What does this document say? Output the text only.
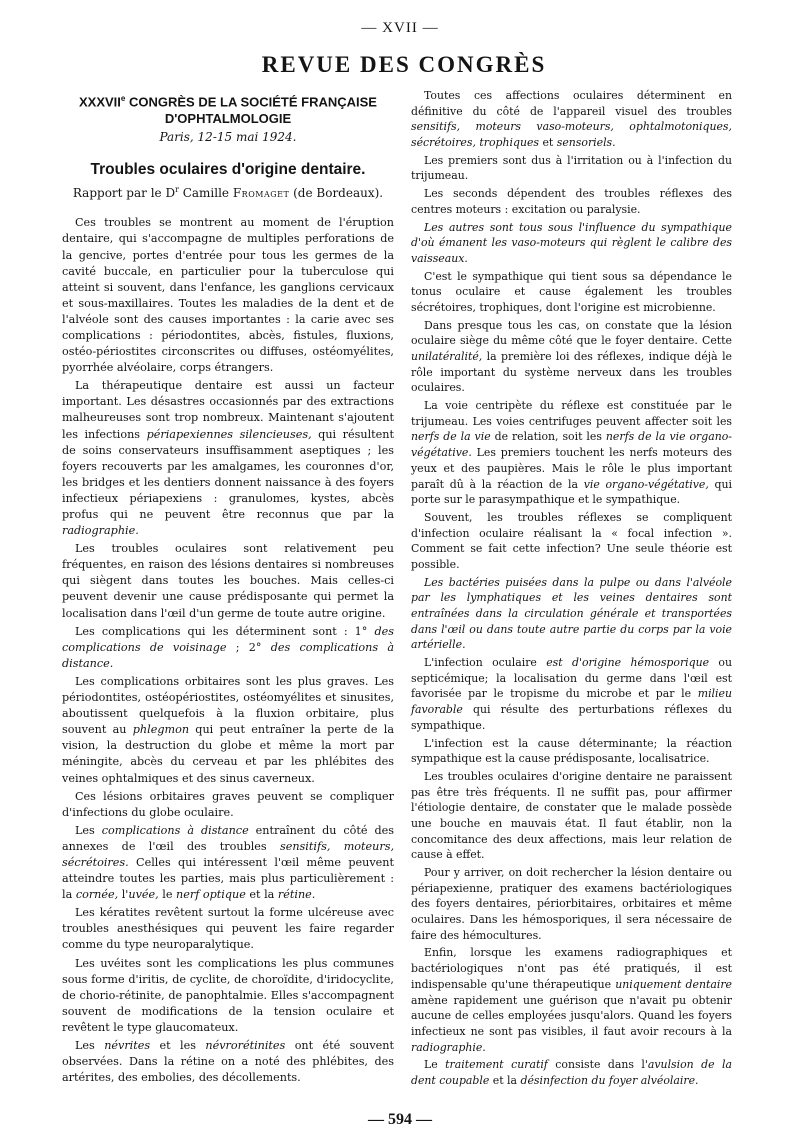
— XVII —
REVUE DES CONGRÈS
XXXVIIe CONGRÈS DE LA SOCIÉTÉ FRANÇAISE
D'OPHTALMOLOGIE
Paris, 12-15 mai 1924.
Troubles oculaires d'origine dentaire.
Rapport par le $D^r$ Camille Fromaget (de Bordeaux).

Ces troubles se montrent au moment de l'éruption dentaire, qui s'accompagne de multiples perforations de la gencive, portes d'entrée pour tous les germes de la cavité buccale, en particulier pour la tuberculose qui atteint si souvent, dans l'enfance, les ganglions cervicaux et sous-maxillaires. Toutes les maladies de la dent et de l'alvéole sont des causes importantes : la carie avec ses complications : périodontites, abcès, fistules, fluxions, ostéo-périostites circonscrites ou diffuses, ostéomyélites, pyorrhée alvéolaire, corps étrangers.

La thérapeutique dentaire est aussi un facteur important. Les désastres occasionnés par des extractions malheureuses sont trop nombreux. Maintenant s'ajoutent les infections périapexiennes silencieuses, qui résultent de soins conservateurs insuffisamment aseptiques ; les foyers recouverts par les amalgames, les couronnes d'or, les bridges et les dentiers donnent naissance à des foyers infectieux périapexiens : granulomes, kystes, abcès profus qui ne peuvent être reconnus que par la radiographie.

Les troubles oculaires sont relativement peu fréquentes, en raison des lésions dentaires si nombreuses qui siègent dans toutes les bouches. Mais celles-ci peuvent devenir une cause prédisposante qui permet la localisation dans l'œil d'un germe de toute autre origine.

Les complications qui les déterminent sont : 1° des complications de voisinage ; 2° des complications à distance.

Les complications orbitaires sont les plus graves. Les périodontites, ostéopériostites, ostéomyélites et sinusites, aboutissent quelquefois à la fluxion orbitaire, plus souvent au phlegmon qui peut entraîner la perte de la vision, la destruction du globe et même la mort par méningite, abcès du cerveau et par les phlébites des veines ophtalmiques et des sinus caverneux.

Ces lésions orbitaires graves peuvent se compliquer d'infections du globe oculaire.

Les complications à distance entraînent du côté des annexes de l'œil des troubles sensitifs, moteurs, sécrétoires. Celles qui intéressent l'œil même peuvent atteindre toutes les parties, mais plus particulièrement : la cornée, l'uvée, le nerf optique et la rétine.

Les kératites revêtent surtout la forme ulcéreuse avec troubles anesthésiques qui peuvent les faire regarder comme du type neuroparalytique.

Les uvéites sont les complications les plus communes sous forme d'iritis, de cyclite, de choroïdite, d'iridocyclite, de chorio-rétinite, de panophtalmie. Elles s'accompagnent souvent de modifications de la tension oculaire et revêtent le type glaucomateux.

Les névrites et les névrorétinites ont été souvent observées. Dans la rétine on a noté des phlébites, des artérites, des embolies, des décollements.

Toutes ces affections oculaires déterminent en définitive du côté de l'appareil visuel des troubles sensitifs, moteurs vaso-moteurs, ophtalmotoniques, sécrétoires, trophiques et sensoriels.

Les premiers sont dus à l'irritation ou à l'infection du trijumeau.

Les seconds dépendent des troubles réflexes des centres moteurs : excitation ou paralysie.

Les autres sont tous sous l'influence du sympathique d'où émanent les vaso-moteurs qui règlent le calibre des vaisseaux.

C'est le sympathique qui tient sous sa dépendance le tonus oculaire et cause également les troubles sécrétoires, trophiques, dont l'origine est microbienne.

Dans presque tous les cas, on constate que la lésion oculaire siège du même côté que le foyer dentaire. Cette unilatéralité, la première loi des réflexes, indique déjà le rôle important du système nerveux dans les troubles oculaires.

La voie centripète du réflexe est constituée par le trijumeau. Les voies centrifuges peuvent affecter soit les nerfs de la vie de relation, soit les nerfs de la vie organo-végétative. Les premiers touchent les nerfs moteurs des yeux et des paupières. Mais le rôle le plus important paraît dû à la réaction de la vie organo-végétative, qui porte sur le parasympathique et le sympathique.

Souvent, les troubles réflexes se compliquent d'infection oculaire réalisant la « focal infection ». Comment se fait cette infection? Une seule théorie est possible.

Les bactéries puisées dans la pulpe ou dans l'alvéole par les lymphatiques et les veines dentaires sont entraînées dans la circulation générale et transportées dans l'œil ou dans toute autre partie du corps par la voie artérielle.

L'infection oculaire est d'origine hémosporique ou septicémique; la localisation du germe dans l'œil est favorisée par le tropisme du microbe et par le milieu favorable qui résulte des perturbations réflexes du sympathique.

L'infection est la cause déterminante; la réaction sympathique est la cause prédisposante, localisatrice.

Les troubles oculaires d'origine dentaire ne paraissent pas être très fréquents. Il ne suffit pas, pour affirmer l'étiologie dentaire, de constater que le malade possède une bouche en mauvais état. Il faut établir, non la concomitance des deux affections, mais leur relation de cause à effet.

Pour y arriver, on doit rechercher la lésion dentaire ou périapexienne, pratiquer des examens bactériologiques des foyers dentaires, périorbitaires, orbitaires et même oculaires. Dans les hémosporiques, il sera nécessaire de faire des hémocultures.

Enfin, lorsque les examens radiographiques et bactériologiques n'ont pas été pratiqués, il est indispensable qu'une thérapeutique uniquement dentaire amène rapidement une guérison que n'avait pu obtenir aucune de celles employées jusqu'alors. Quand les foyers infectieux ne sont pas visibles, il faut avoir recours à la radiographie.

Le traitement curatif consiste dans l'avulsion de la dent coupable et la désinfection du foyer alvéolaire.

— 594 —
